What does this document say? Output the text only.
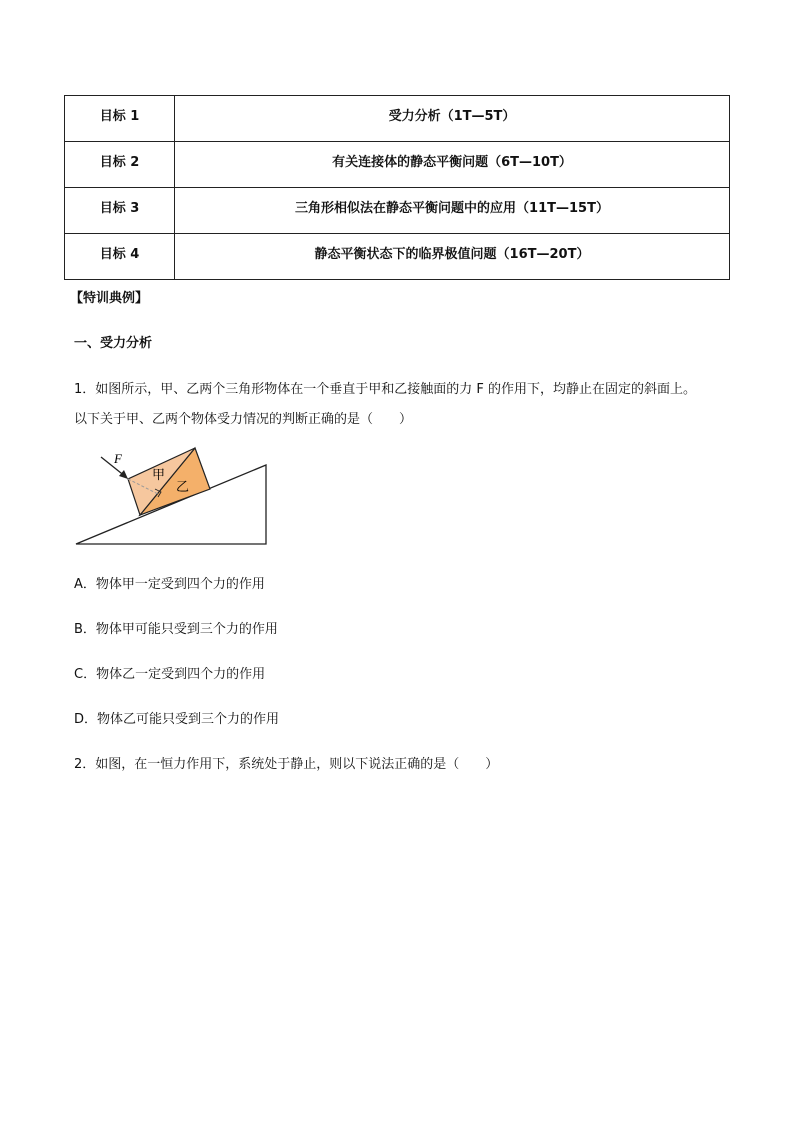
目标 1	受力分析（1T—5T）
目标 2	有关连接体的静态平衡问题（6T—10T）
目标 3	三角形相似法在静态平衡问题中的应用（11T—15T）
目标 4	静态平衡状态下的临界极值问题（16T—20T）
【特训典例】
一、受力分析
1．如图所示，甲、乙两个三角形物体在一个垂直于甲和乙接触面的力 F 的作用下，均静止在固定的斜面上。
以下关于甲、乙两个物体受力情况的判断正确的是（　　）
F
甲
乙
A．物体甲一定受到四个力的作用
B．物体甲可能只受到三个力的作用
C．物体乙一定受到四个力的作用
D．物体乙可能只受到三个力的作用
2．如图，在一恒力作用下，系统处于静止，则以下说法正确的是（　　）
